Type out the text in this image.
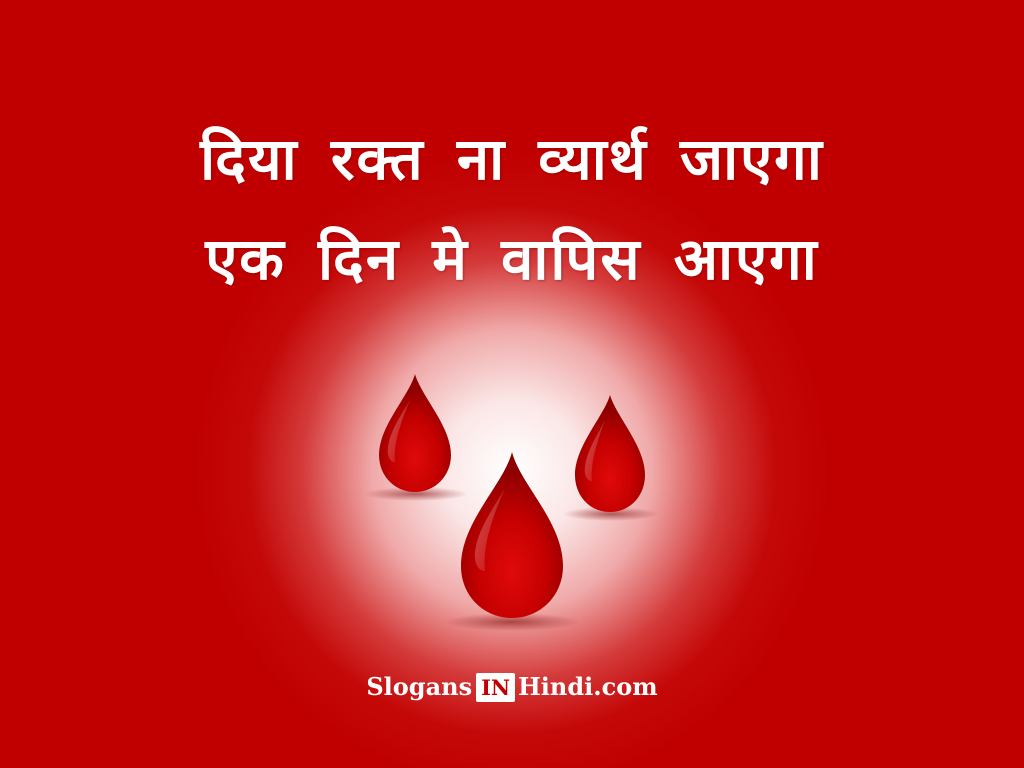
दिया रक्त ना व्यार्थ जाएगा
एक दिन मे वापिस आएगा
Slogans IN Hindi.com
